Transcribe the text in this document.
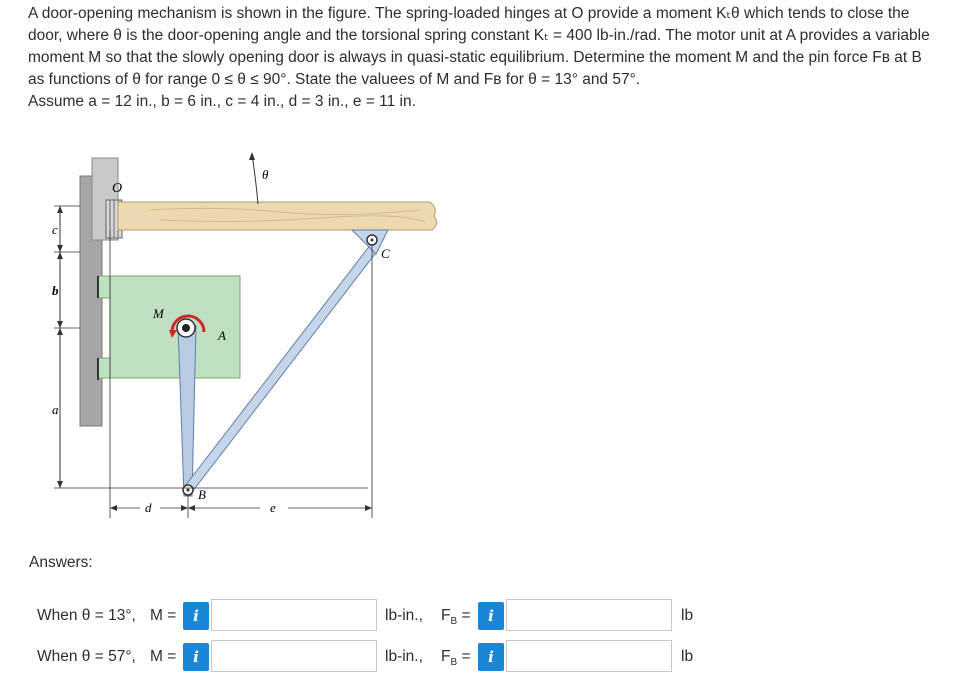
A door-opening mechanism is shown in the figure. The spring-loaded hinges at O provide a moment Kₜθ which tends to close the

door, where θ is the door-opening angle and the torsional spring constant Kₜ = 400 lb-in./rad. The motor unit at A provides a variable

moment M so that the slowly opening door is always in quasi-static equilibrium. Determine the moment M and the pin force Fʙ at B

as functions of θ for range 0 ≤ θ ≤ 90°. State the valuees of M and Fʙ for θ = 13° and 57°.

Assume a = 12 in., b = 6 in., c = 4 in., d = 3 in., e = 11 in.

O
θ
c
b
a
M
A
C
B
d	e
Answers:
When θ = 13°, M =	i	lb-in., $F_B$ =	i	lb
When θ = 57°, M =	i	lb-in., $F_B$ =	i	lb
